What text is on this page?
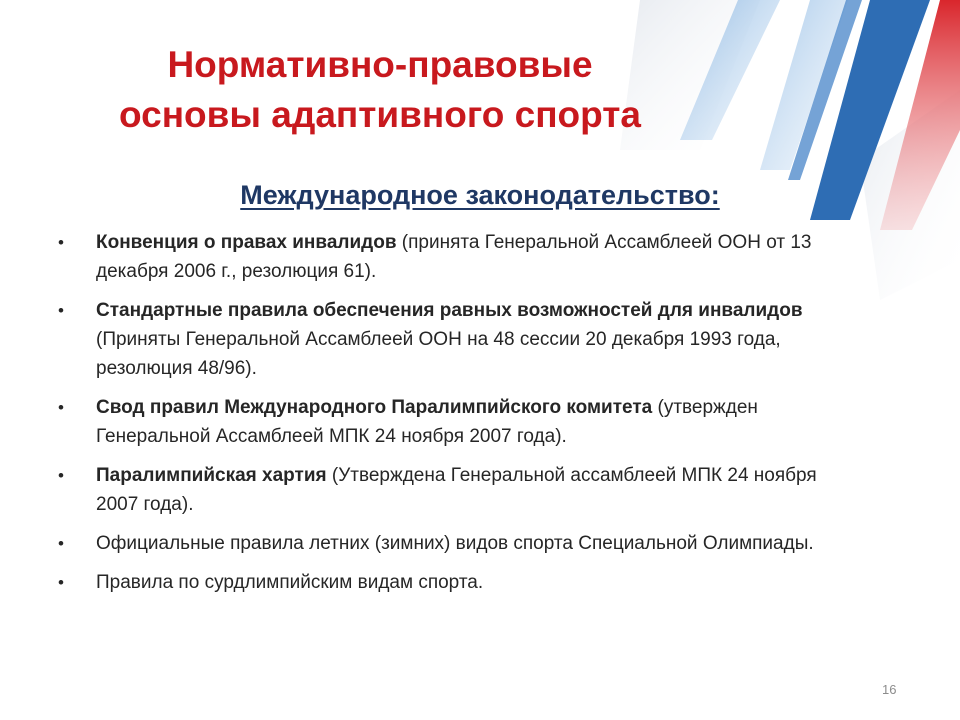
Нормативно-правовые
основы адаптивного спорта
Международное законодательство:
• Конвенция о правах инвалидов (принята Генеральной Ассамблеей ООН от 13 декабря 2006 г., резолюция 61).
• Стандартные правила обеспечения равных возможностей для инвалидов (Приняты Генеральной Ассамблеей ООН на 48 сессии 20 декабря 1993 года, резолюция 48/96).
• Свод правил Международного Паралимпийского комитета (утвержден Генеральной Ассамблеей МПК 24 ноября 2007 года).
• Паралимпийская хартия (Утверждена Генеральной ассамблеей МПК 24 ноября 2007 года).
• Официальные правила летних (зимних) видов спорта Специальной Олимпиады.
• Правила по сурдлимпийским видам спорта.
16
